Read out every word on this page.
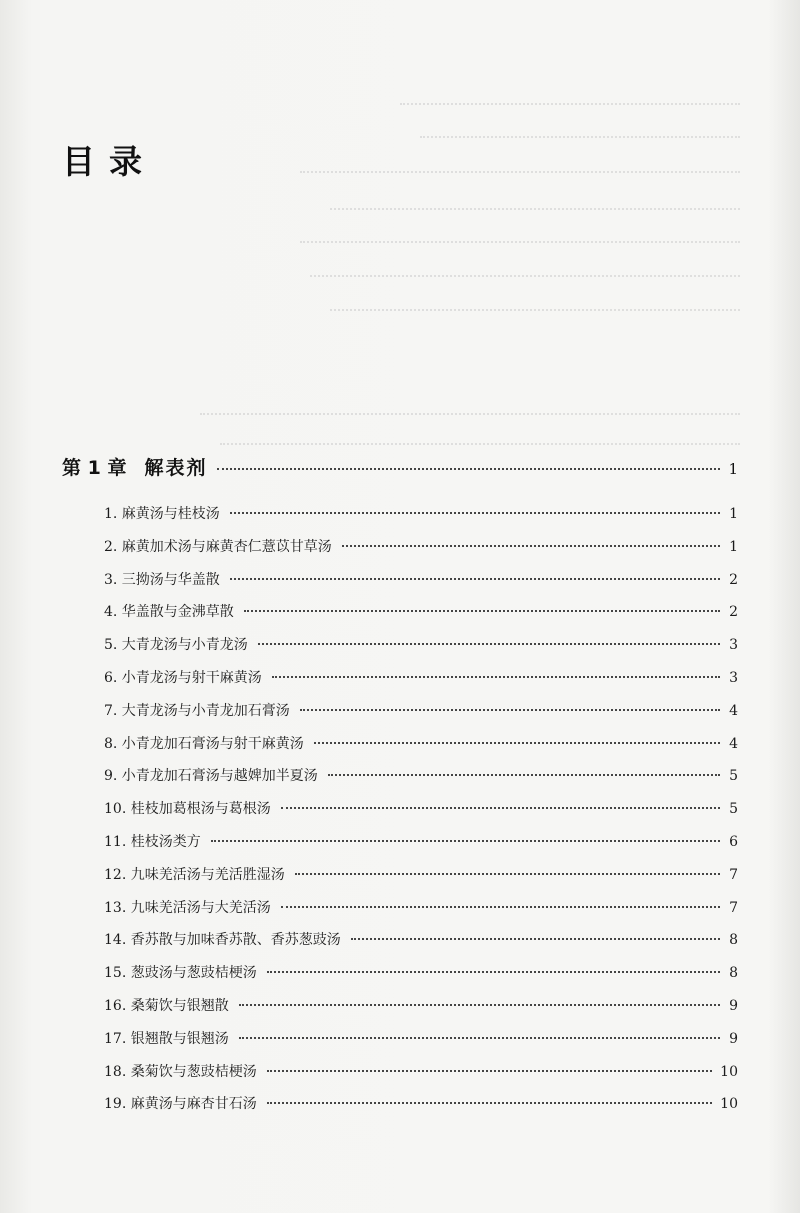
目录
第 1 章 解表剂	1
1. 麻黄汤与桂枝汤	1
2. 麻黄加术汤与麻黄杏仁薏苡甘草汤	1
3. 三拗汤与华盖散	2
4. 华盖散与金沸草散	2
5. 大青龙汤与小青龙汤	3
6. 小青龙汤与射干麻黄汤	3
7. 大青龙汤与小青龙加石膏汤	4
8. 小青龙加石膏汤与射干麻黄汤	4
9. 小青龙加石膏汤与越婢加半夏汤	5
10. 桂枝加葛根汤与葛根汤	5
11. 桂枝汤类方	6
12. 九味羌活汤与羌活胜湿汤	7
13. 九味羌活汤与大羌活汤	7
14. 香苏散与加味香苏散、香苏葱豉汤	8
15. 葱豉汤与葱豉桔梗汤	8
16. 桑菊饮与银翘散	9
17. 银翘散与银翘汤	9
18. 桑菊饮与葱豉桔梗汤	10
19. 麻黄汤与麻杏甘石汤	10
